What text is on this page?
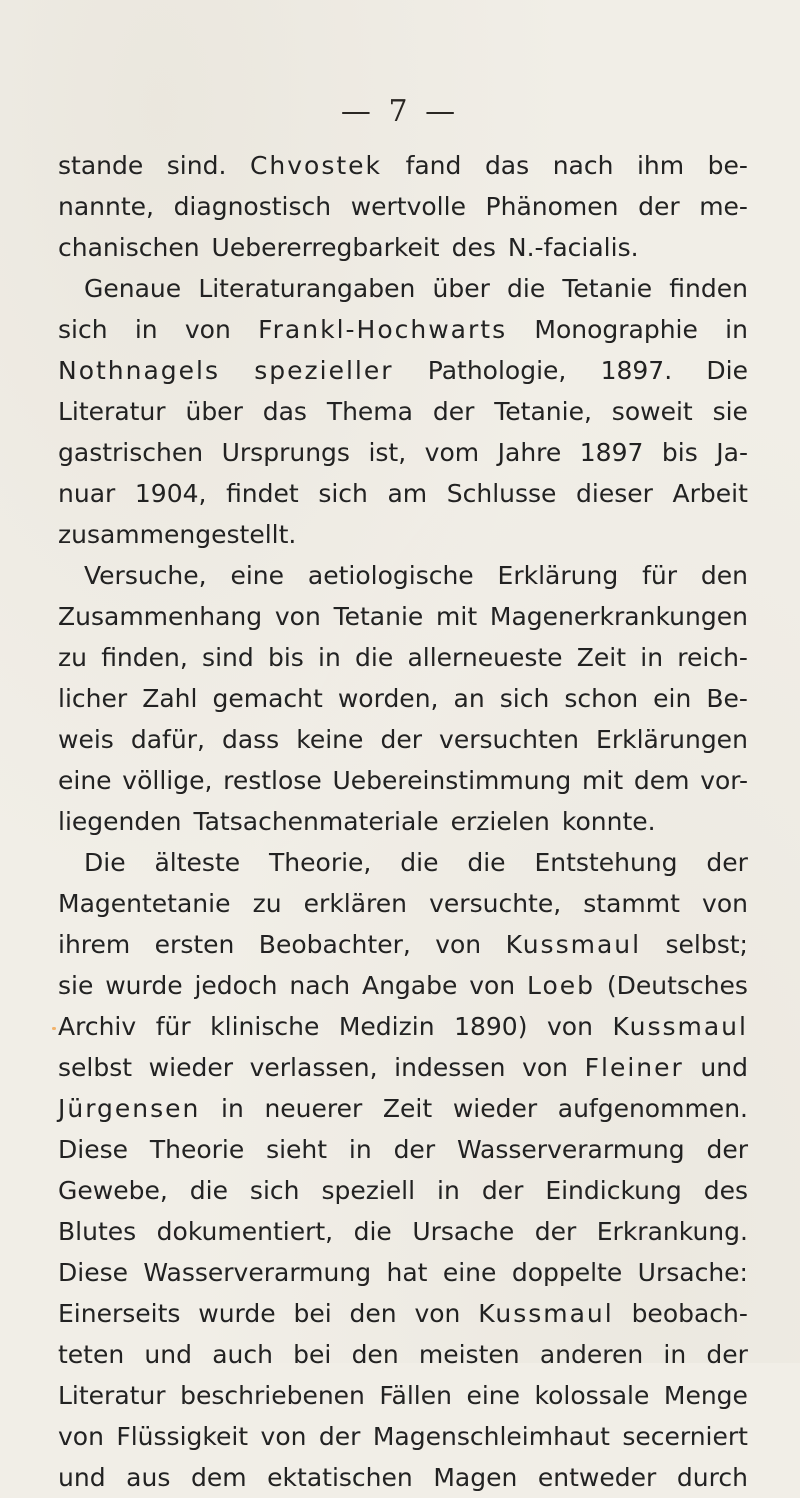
— 7 —
stande sind. Chvostek fand das nach ihm be-
nannte, diagnostisch wertvolle Phänomen der me-
chanischen Uebererregbarkeit des N.-facialis.
Genaue Literaturangaben über die Tetanie finden
sich in von Frankl-Hochwarts Monographie in
Nothnagels spezieller Pathologie, 1897. Die
Literatur über das Thema der Tetanie, soweit sie
gastrischen Ursprungs ist, vom Jahre 1897 bis Ja-
nuar 1904, findet sich am Schlusse dieser Arbeit
zusammengestellt.
Versuche, eine aetiologische Erklärung für den
Zusammenhang von Tetanie mit Magenerkrankungen
zu finden, sind bis in die allerneueste Zeit in reich-
licher Zahl gemacht worden, an sich schon ein Be-
weis dafür, dass keine der versuchten Erklärungen
eine völlige, restlose Uebereinstimmung mit dem vor-
liegenden Tatsachenmateriale erzielen konnte.
Die älteste Theorie, die die Entstehung der
Magentetanie zu erklären versuchte, stammt von
ihrem ersten Beobachter, von Kussmaul selbst;
sie wurde jedoch nach Angabe von Loeb (Deutsches
Archiv für klinische Medizin 1890) von Kussmaul
selbst wieder verlassen, indessen von Fleiner und
Jürgensen in neuerer Zeit wieder aufgenommen.
Diese Theorie sieht in der Wasserverarmung der
Gewebe, die sich speziell in der Eindickung des
Blutes dokumentiert, die Ursache der Erkrankung.
Diese Wasserverarmung hat eine doppelte Ursache:
Einerseits wurde bei den von Kussmaul beobach-
teten und auch bei den meisten anderen in der
Literatur beschriebenen Fällen eine kolossale Menge
von Flüssigkeit von der Magenschleimhaut secerniert
und aus dem ektatischen Magen entweder durch
